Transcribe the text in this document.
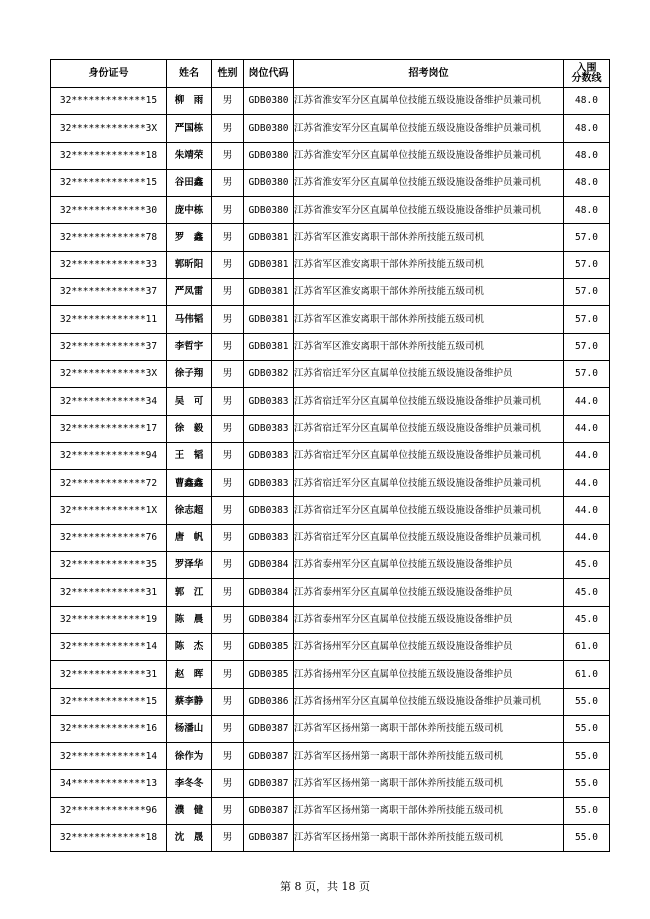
身份证号	姓名	性别	岗位代码	招考岗位	入围
分数线
32*************15	柳　雨	男	GDB0380	江苏省淮安军分区直属单位技能五级设施设备维护员兼司机	48.0
32*************3X	严国栋	男	GDB0380	江苏省淮安军分区直属单位技能五级设施设备维护员兼司机	48.0
32*************18	朱靖荣	男	GDB0380	江苏省淮安军分区直属单位技能五级设施设备维护员兼司机	48.0
32*************15	谷田鑫	男	GDB0380	江苏省淮安军分区直属单位技能五级设施设备维护员兼司机	48.0
32*************30	庞中栋	男	GDB0380	江苏省淮安军分区直属单位技能五级设施设备维护员兼司机	48.0
32*************78	罗　鑫	男	GDB0381	江苏省军区淮安离职干部休养所技能五级司机	57.0
32*************33	郭昕阳	男	GDB0381	江苏省军区淮安离职干部休养所技能五级司机	57.0
32*************37	严凤雷	男	GDB0381	江苏省军区淮安离职干部休养所技能五级司机	57.0
32*************11	马伟韬	男	GDB0381	江苏省军区淮安离职干部休养所技能五级司机	57.0
32*************37	李哲宇	男	GDB0381	江苏省军区淮安离职干部休养所技能五级司机	57.0
32*************3X	徐子翔	男	GDB0382	江苏省宿迁军分区直属单位技能五级设施设备维护员	57.0
32*************34	吴　可	男	GDB0383	江苏省宿迁军分区直属单位技能五级设施设备维护员兼司机	44.0
32*************17	徐　毅	男	GDB0383	江苏省宿迁军分区直属单位技能五级设施设备维护员兼司机	44.0
32*************94	王　韬	男	GDB0383	江苏省宿迁军分区直属单位技能五级设施设备维护员兼司机	44.0
32*************72	曹鑫鑫	男	GDB0383	江苏省宿迁军分区直属单位技能五级设施设备维护员兼司机	44.0
32*************1X	徐志超	男	GDB0383	江苏省宿迁军分区直属单位技能五级设施设备维护员兼司机	44.0
32*************76	唐　帆	男	GDB0383	江苏省宿迁军分区直属单位技能五级设施设备维护员兼司机	44.0
32*************35	罗泽华	男	GDB0384	江苏省泰州军分区直属单位技能五级设施设备维护员	45.0
32*************31	郭　江	男	GDB0384	江苏省泰州军分区直属单位技能五级设施设备维护员	45.0
32*************19	陈　晨	男	GDB0384	江苏省泰州军分区直属单位技能五级设施设备维护员	45.0
32*************14	陈　杰	男	GDB0385	江苏省扬州军分区直属单位技能五级设施设备维护员	61.0
32*************31	赵　晖	男	GDB0385	江苏省扬州军分区直属单位技能五级设施设备维护员	61.0
32*************15	蔡李静	男	GDB0386	江苏省扬州军分区直属单位技能五级设施设备维护员兼司机	55.0
32*************16	杨潘山	男	GDB0387	江苏省军区扬州第一离职干部休养所技能五级司机	55.0
32*************14	徐作为	男	GDB0387	江苏省军区扬州第一离职干部休养所技能五级司机	55.0
34*************13	李冬冬	男	GDB0387	江苏省军区扬州第一离职干部休养所技能五级司机	55.0
32*************96	濮　健	男	GDB0387	江苏省军区扬州第一离职干部休养所技能五级司机	55.0
32*************18	沈　晟	男	GDB0387	江苏省军区扬州第一离职干部休养所技能五级司机	55.0
第 8 页，共 18 页
